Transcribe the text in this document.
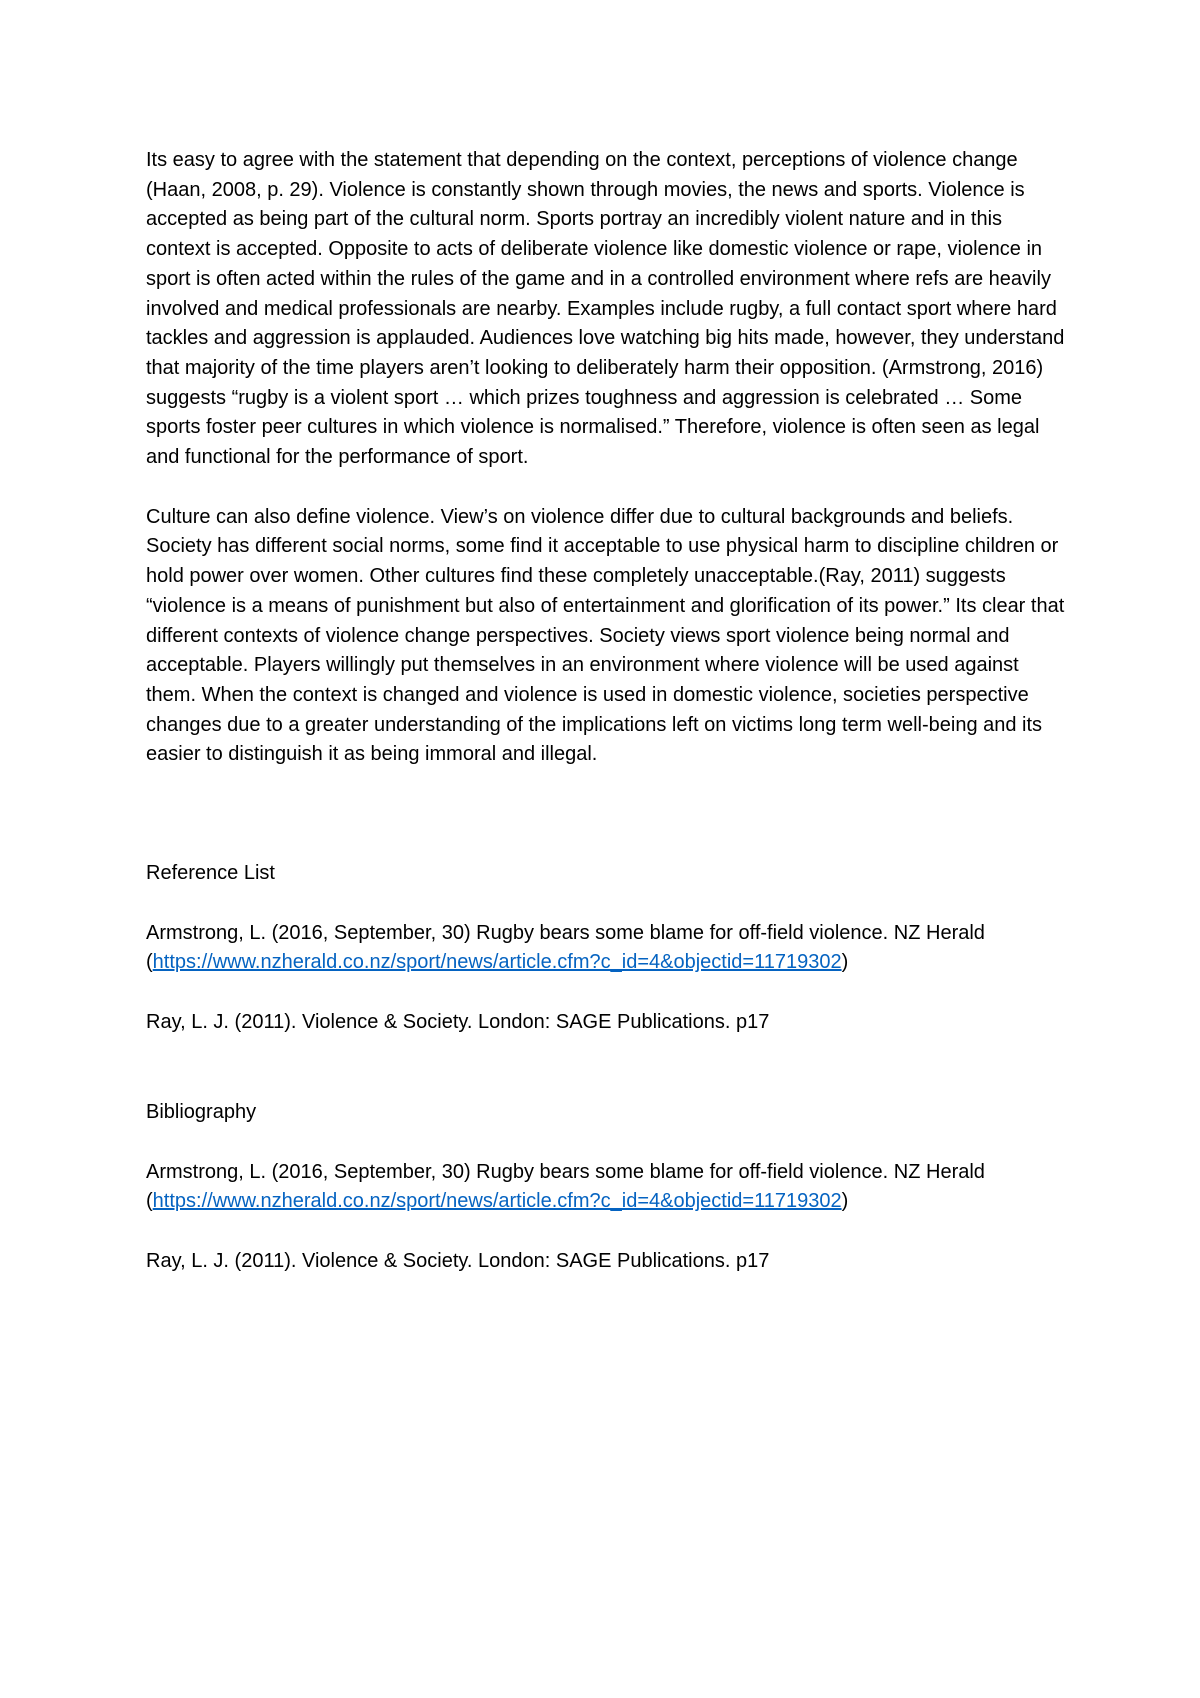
Its easy to agree with the statement that depending on the context, perceptions of violence change (Haan, 2008, p. 29). Violence is constantly shown through movies, the news and sports. Violence is accepted as being part of the cultural norm. Sports portray an incredibly violent nature and in this context is accepted. Opposite to acts of deliberate violence like domestic violence or rape, violence in sport is often acted within the rules of the game and in a controlled environment where refs are heavily involved and medical professionals are nearby. Examples include rugby, a full contact sport where hard tackles and aggression is applauded. Audiences love watching big hits made, however, they understand that majority of the time players aren’t looking to deliberately harm their opposition. (Armstrong, 2016) suggests “rugby is a violent sport … which prizes toughness and aggression is celebrated … Some sports foster peer cultures in which violence is normalised.” Therefore, violence is often seen as legal and functional for the performance of sport.

Culture can also define violence. View’s on violence differ due to cultural backgrounds and beliefs. Society has different social norms, some find it acceptable to use physical harm to discipline children or hold power over women. Other cultures find these completely unacceptable.(Ray, 2011) suggests “violence is a means of punishment but also of entertainment and glorification of its power.” Its clear that different contexts of violence change perspectives. Society views sport violence being normal and acceptable. Players willingly put themselves in an environment where violence will be used against them. When the context is changed and violence is used in domestic violence, societies perspective changes due to a greater understanding of the implications left on victims long term well-being and its easier to distinguish it as being immoral and illegal.

Reference List

Armstrong, L. (2016, September, 30) Rugby bears some blame for off-field violence. NZ Herald
(https://www.nzherald.co.nz/sport/news/article.cfm?c_id=4&objectid=11719302)

Ray, L. J. (2011). Violence & Society. London: SAGE Publications. p17

Bibliography

Armstrong, L. (2016, September, 30) Rugby bears some blame for off-field violence. NZ Herald
(https://www.nzherald.co.nz/sport/news/article.cfm?c_id=4&objectid=11719302)

Ray, L. J. (2011). Violence & Society. London: SAGE Publications. p17
